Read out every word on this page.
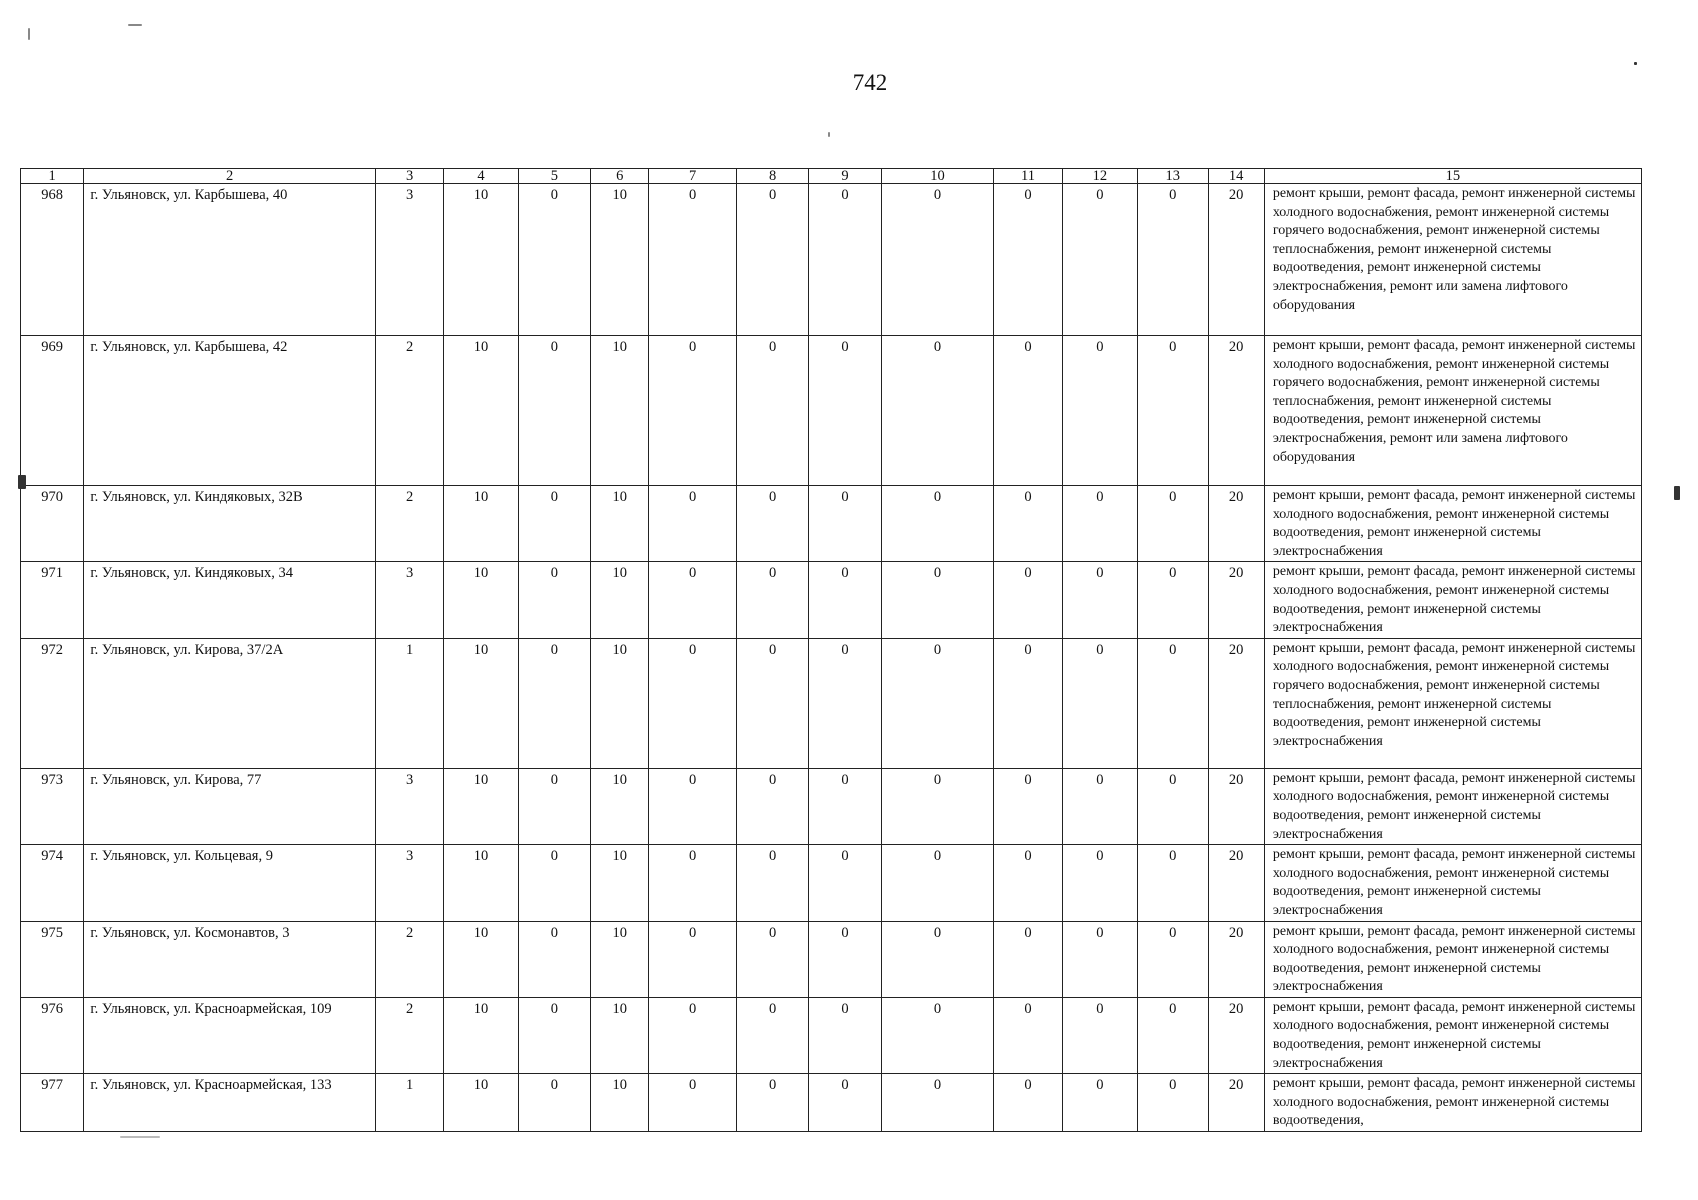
742
1	2	3	4	5	6	7	8	9	10	11	12	13	14	15
968	г. Ульяновск, ул. Карбышева, 40	3	10	0	10	0	0	0	0	0	0	0	20	ремонт крыши, ремонт фасада, ремонт инженерной системы холодного водоснабжения, ремонт инженерной системы горячего водоснабжения, ремонт инженерной системы теплоснабжения, ремонт инженерной системы водоотведения, ремонт инженерной системы электроснабжения, ремонт или замена лифтового оборудования
969	г. Ульяновск, ул. Карбышева, 42	2	10	0	10	0	0	0	0	0	0	0	20	ремонт крыши, ремонт фасада, ремонт инженерной системы холодного водоснабжения, ремонт инженерной системы горячего водоснабжения, ремонт инженерной системы теплоснабжения, ремонт инженерной системы водоотведения, ремонт инженерной системы электроснабжения, ремонт или замена лифтового оборудования
970	г. Ульяновск, ул. Киндяковых, 32В	2	10	0	10	0	0	0	0	0	0	0	20	ремонт крыши, ремонт фасада, ремонт инженерной системы холодного водоснабжения, ремонт инженерной системы водоотведения, ремонт инженерной системы электроснабжения
971	г. Ульяновск, ул. Киндяковых, 34	3	10	0	10	0	0	0	0	0	0	0	20	ремонт крыши, ремонт фасада, ремонт инженерной системы холодного водоснабжения, ремонт инженерной системы водоотведения, ремонт инженерной системы электроснабжения
972	г. Ульяновск, ул. Кирова, 37/2А	1	10	0	10	0	0	0	0	0	0	0	20	ремонт крыши, ремонт фасада, ремонт инженерной системы холодного водоснабжения, ремонт инженерной системы горячего водоснабжения, ремонт инженерной системы теплоснабжения, ремонт инженерной системы водоотведения, ремонт инженерной системы электроснабжения
973	г. Ульяновск, ул. Кирова, 77	3	10	0	10	0	0	0	0	0	0	0	20	ремонт крыши, ремонт фасада, ремонт инженерной системы холодного водоснабжения, ремонт инженерной системы водоотведения, ремонт инженерной системы электроснабжения
974	г. Ульяновск, ул. Кольцевая, 9	3	10	0	10	0	0	0	0	0	0	0	20	ремонт крыши, ремонт фасада, ремонт инженерной системы холодного водоснабжения, ремонт инженерной системы водоотведения, ремонт инженерной системы электроснабжения
975	г. Ульяновск, ул. Космонавтов, 3	2	10	0	10	0	0	0	0	0	0	0	20	ремонт крыши, ремонт фасада, ремонт инженерной системы холодного водоснабжения, ремонт инженерной системы водоотведения, ремонт инженерной системы электроснабжения
976	г. Ульяновск, ул. Красноармейская, 109	2	10	0	10	0	0	0	0	0	0	0	20	ремонт крыши, ремонт фасада, ремонт инженерной системы холодного водоснабжения, ремонт инженерной системы водоотведения, ремонт инженерной системы электроснабжения
977	г. Ульяновск, ул. Красноармейская, 133	1	10	0	10	0	0	0	0	0	0	0	20	ремонт крыши, ремонт фасада, ремонт инженерной системы холодного водоснабжения, ремонт инженерной системы водоотведения,
